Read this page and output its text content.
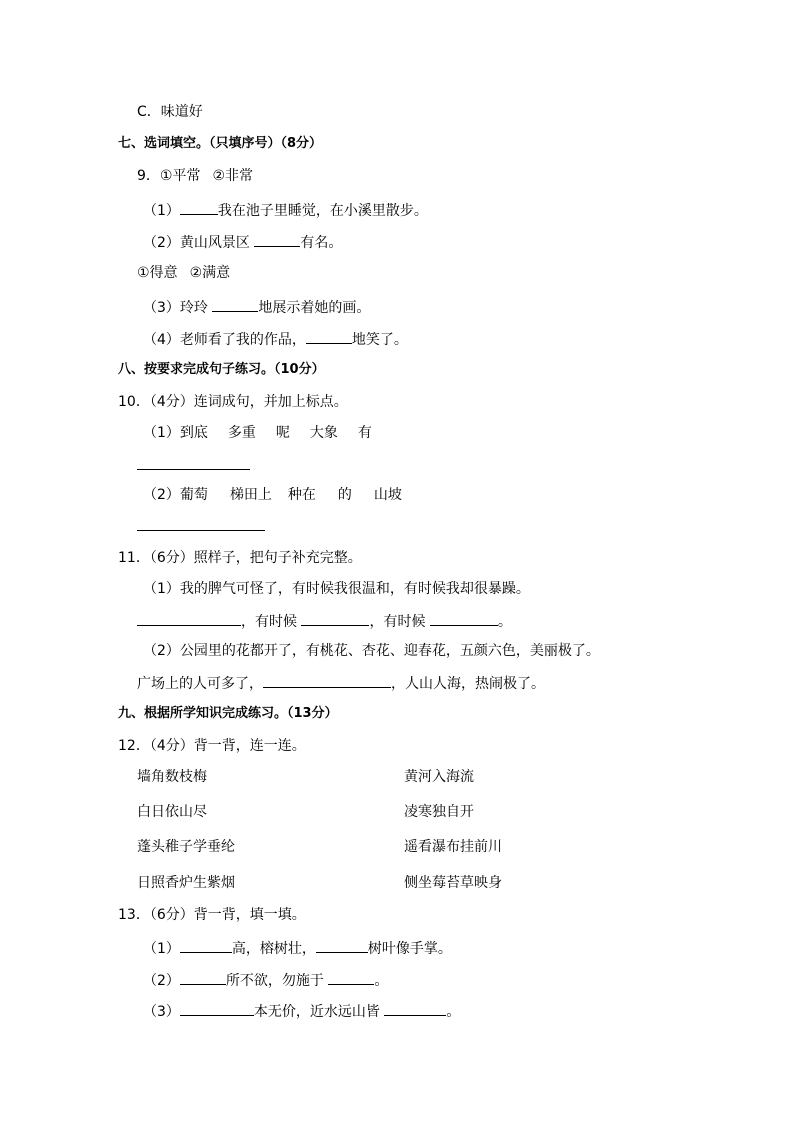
C．味道好
七、选词填空。（只填序号）（8分）
9．①平常 ②非常
（1）	我在池子里睡觉，在小溪里散步。
（2）黄山风景区	有名。
①得意 ②满意
（3）玲玲	地展示着她的画。
（4）老师看了我的作品，	地笑了。
八、按要求完成句子练习。（10分）
10．（4分）连词成句，并加上标点。
（1）到底 多重 呢 大象 有
（2）葡萄 梯田上 种在 的 山坡
11．（6分）照样子，把句子补充完整。
（1）我的脾气可怪了，有时候我很温和，有时候我却很暴躁。
，有时候	，有时候	。
（2）公园里的花都开了，有桃花、杏花、迎春花，五颜六色，美丽极了。
广场上的人可多了，	，人山人海，热闹极了。
九、根据所学知识完成练习。（13分）
12．（4分）背一背，连一连。
墙角数枝梅	黄河入海流
白日依山尽	凌寒独自开
蓬头稚子学垂纶	遥看瀑布挂前川
日照香炉生紫烟	侧坐莓苔草映身
13．（6分）背一背，填一填。
（1）	高，榕树壮，	树叶像手掌。
（2）	所不欲，勿施于	。
（3）	本无价，近水远山皆	。
